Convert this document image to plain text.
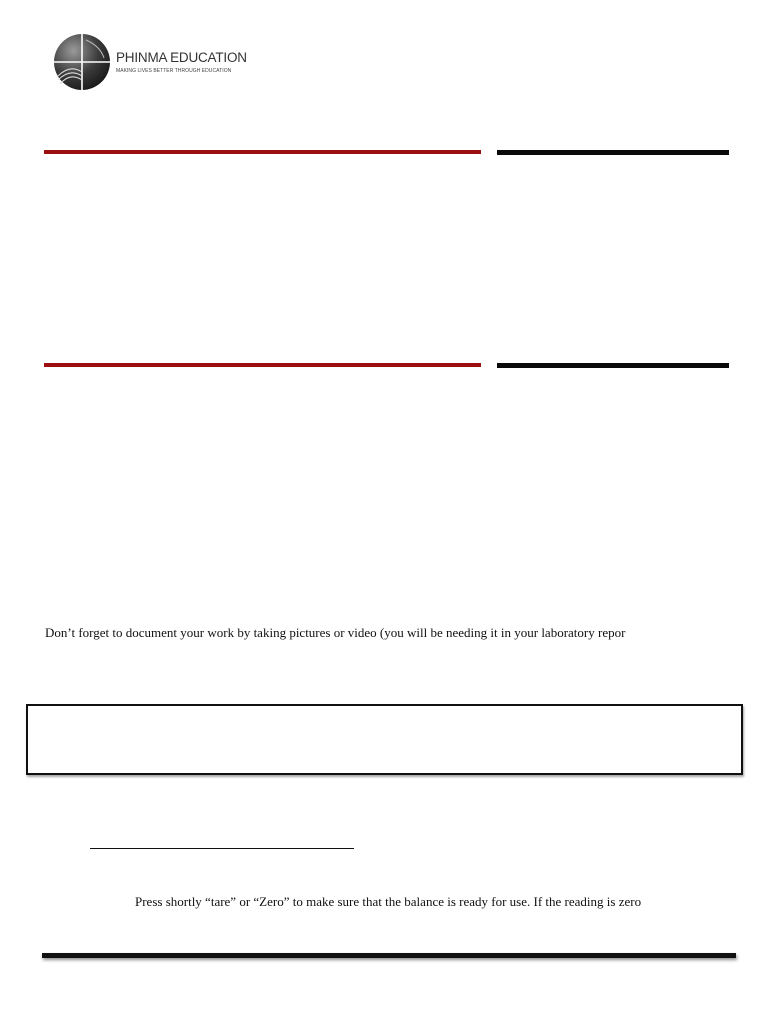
PHINMA EDUCATION
MAKING LIVES BETTER THROUGH EDUCATION
Don’t forget to document your work by taking pictures or video (you will be needing it in your laboratory repor
Press shortly “tare” or “Zero” to make sure that the balance is ready for use. If the reading is zero
